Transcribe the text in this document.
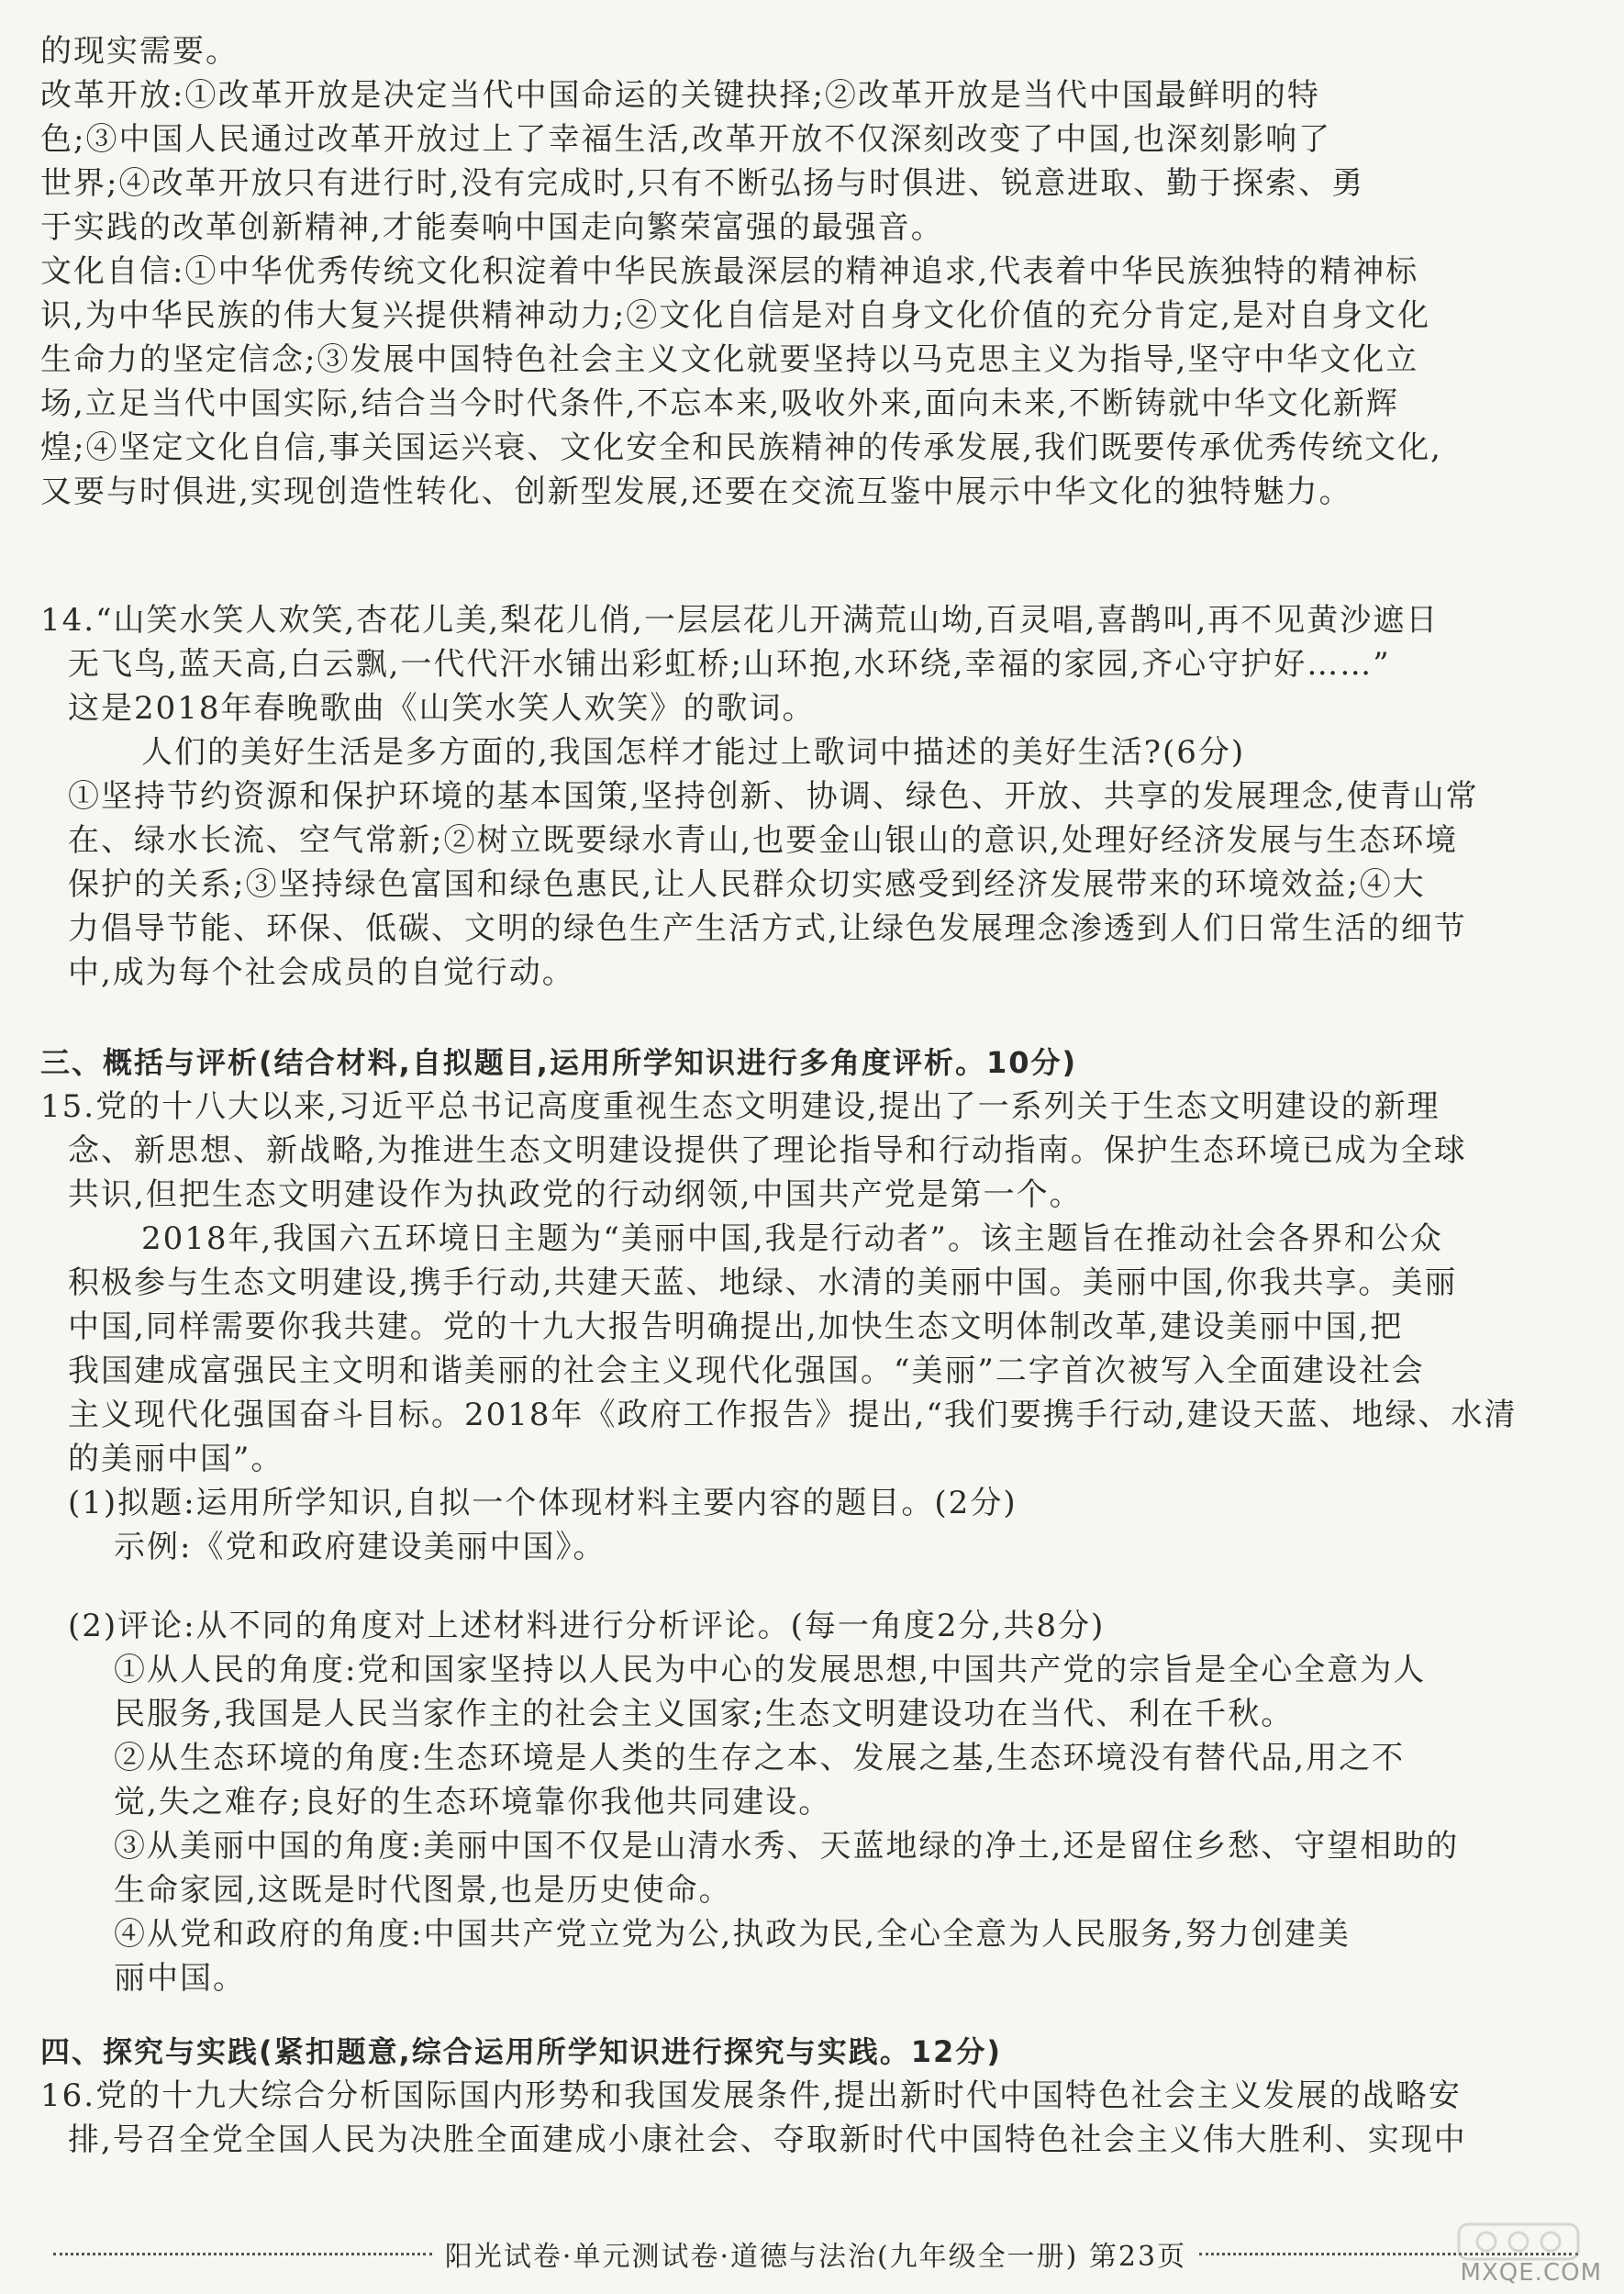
的现实需要。

改革开放:①改革开放是决定当代中国命运的关键抉择;②改革开放是当代中国最鲜明的特

色;③中国人民通过改革开放过上了幸福生活,改革开放不仅深刻改变了中国,也深刻影响了

世界;④改革开放只有进行时,没有完成时,只有不断弘扬与时俱进、锐意进取、勤于探索、勇

于实践的改革创新精神,才能奏响中国走向繁荣富强的最强音。

文化自信:①中华优秀传统文化积淀着中华民族最深层的精神追求,代表着中华民族独特的精神标

识,为中华民族的伟大复兴提供精神动力;②文化自信是对自身文化价值的充分肯定,是对自身文化

生命力的坚定信念;③发展中国特色社会主义文化就要坚持以马克思主义为指导,坚守中华文化立

场,立足当代中国实际,结合当今时代条件,不忘本来,吸收外来,面向未来,不断铸就中华文化新辉

煌;④坚定文化自信,事关国运兴衰、文化安全和民族精神的传承发展,我们既要传承优秀传统文化,

又要与时俱进,实现创造性转化、创新型发展,还要在交流互鉴中展示中华文化的独特魅力。

14.“山笑水笑人欢笑,杏花儿美,梨花儿俏,一层层花儿开满荒山坳,百灵唱,喜鹊叫,再不见黄沙遮日

无飞鸟,蓝天高,白云飘,一代代汗水铺出彩虹桥;山环抱,水环绕,幸福的家园,齐心守护好……”

这是2018年春晚歌曲《山笑水笑人欢笑》的歌词。

人们的美好生活是多方面的,我国怎样才能过上歌词中描述的美好生活?(6分)

①坚持节约资源和保护环境的基本国策,坚持创新、协调、绿色、开放、共享的发展理念,使青山常

在、绿水长流、空气常新;②树立既要绿水青山,也要金山银山的意识,处理好经济发展与生态环境

保护的关系;③坚持绿色富国和绿色惠民,让人民群众切实感受到经济发展带来的环境效益;④大

力倡导节能、环保、低碳、文明的绿色生产生活方式,让绿色发展理念渗透到人们日常生活的细节

中,成为每个社会成员的自觉行动。

三、概括与评析(结合材料,自拟题目,运用所学知识进行多角度评析。10分)

15.党的十八大以来,习近平总书记高度重视生态文明建设,提出了一系列关于生态文明建设的新理

念、新思想、新战略,为推进生态文明建设提供了理论指导和行动指南。保护生态环境已成为全球

共识,但把生态文明建设作为执政党的行动纲领,中国共产党是第一个。

2018年,我国六五环境日主题为“美丽中国,我是行动者”。该主题旨在推动社会各界和公众

积极参与生态文明建设,携手行动,共建天蓝、地绿、水清的美丽中国。美丽中国,你我共享。美丽

中国,同样需要你我共建。党的十九大报告明确提出,加快生态文明体制改革,建设美丽中国,把

我国建成富强民主文明和谐美丽的社会主义现代化强国。“美丽”二字首次被写入全面建设社会

主义现代化强国奋斗目标。2018年《政府工作报告》提出,“我们要携手行动,建设天蓝、地绿、水清

的美丽中国”。

(1)拟题:运用所学知识,自拟一个体现材料主要内容的题目。(2分)

示例:《党和政府建设美丽中国》。

(2)评论:从不同的角度对上述材料进行分析评论。(每一角度2分,共8分)

①从人民的角度:党和国家坚持以人民为中心的发展思想,中国共产党的宗旨是全心全意为人

民服务,我国是人民当家作主的社会主义国家;生态文明建设功在当代、利在千秋。

②从生态环境的角度:生态环境是人类的生存之本、发展之基,生态环境没有替代品,用之不

觉,失之难存;良好的生态环境靠你我他共同建设。

③从美丽中国的角度:美丽中国不仅是山清水秀、天蓝地绿的净土,还是留住乡愁、守望相助的

生命家园,这既是时代图景,也是历史使命。

④从党和政府的角度:中国共产党立党为公,执政为民,全心全意为人民服务,努力创建美

丽中国。

四、探究与实践(紧扣题意,综合运用所学知识进行探究与实践。12分)

16.党的十九大综合分析国际国内形势和我国发展条件,提出新时代中国特色社会主义发展的战略安

排,号召全党全国人民为决胜全面建成小康社会、夺取新时代中国特色社会主义伟大胜利、实现中

阳光试卷·单元测试卷·道德与法治(九年级全一册) 第23页	MXQE.COM
